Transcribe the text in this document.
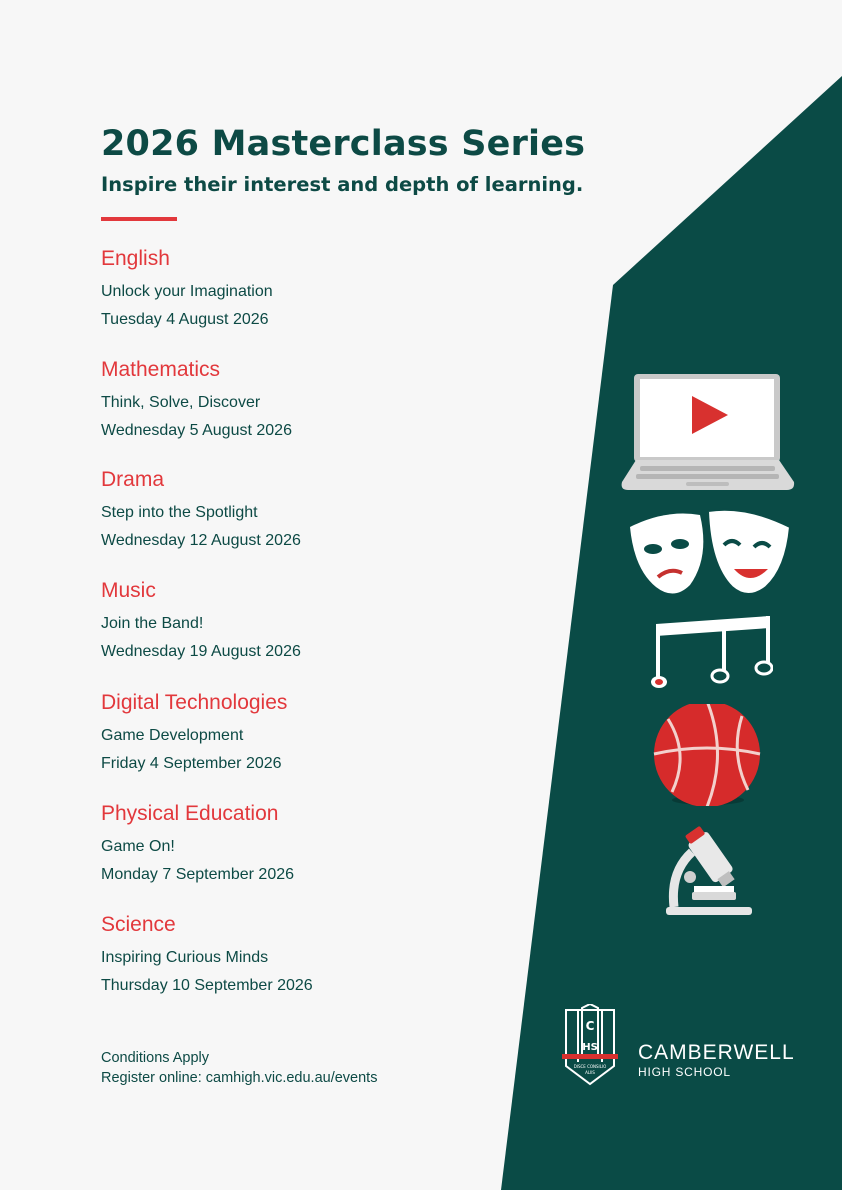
2026 Masterclass Series
Inspire their interest and depth of learning.
English
Unlock your Imagination
Tuesday 4 August 2026
Mathematics
Think, Solve, Discover
Wednesday 5 August 2026
Drama
Step into the Spotlight
Wednesday 12 August 2026
Music
Join the Band!
Wednesday 19 August 2026
Digital Technologies
Game Development
Friday 4 September 2026
Physical Education
Game On!
Monday 7 September 2026
Science
Inspiring Curious Minds
Thursday 10 September 2026
Conditions Apply
Register online: camhigh.vic.edu.au/events
C
HS
DISCE CONSILIO
ALIIS
CAMBERWELL
HIGH SCHOOL
